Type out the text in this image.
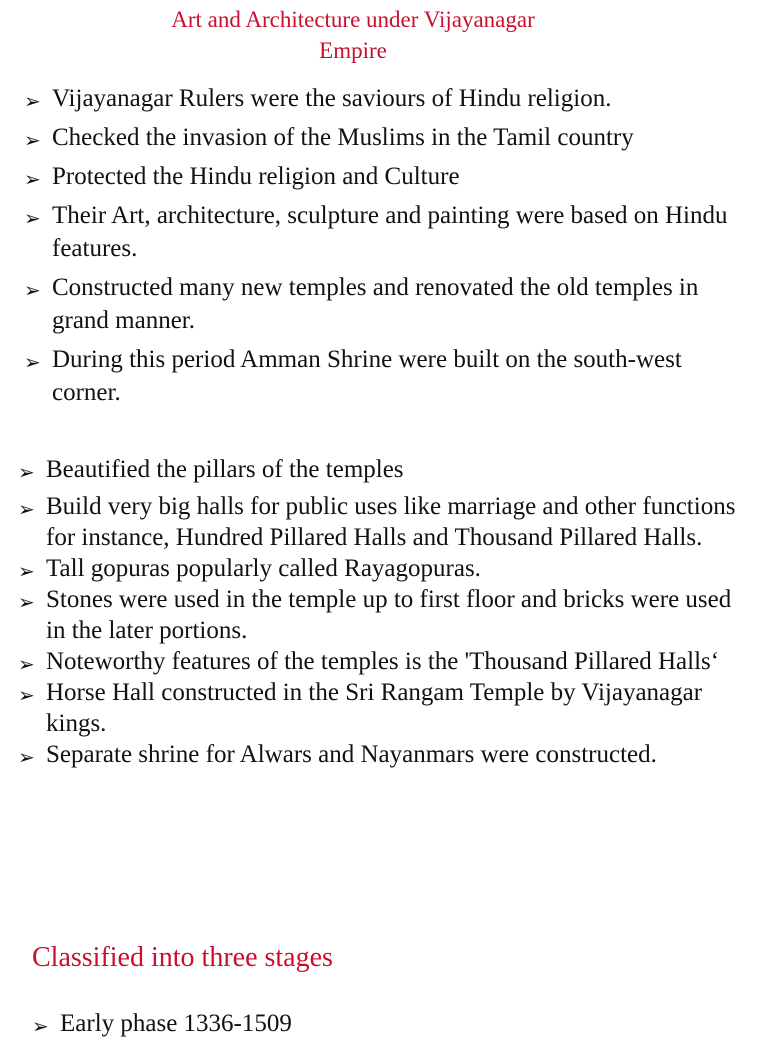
Art and Architecture under Vijayanagar
Empire
➢ Vijayanagar Rulers were the saviours of Hindu religion.
➢ Checked the invasion of the Muslims in the Tamil country
➢ Protected the Hindu religion and Culture
➢ Their Art, architecture, sculpture and painting were based on Hindu features.
➢ Constructed many new temples and renovated the old temples in grand manner.
➢ During this period Amman Shrine were built on the south-west corner.
➢ Beautified the pillars of the temples
➢ Build very big halls for public uses like marriage and other functions for instance, Hundred Pillared Halls and Thousand Pillared Halls.
➢ Tall gopuras popularly called Rayagopuras.
➢ Stones were used in the temple up to first floor and bricks were used in the later portions.
➢ Noteworthy features of the temples is the 'Thousand Pillared Halls‘
➢ Horse Hall constructed in the Sri Rangam Temple by Vijayanagar kings.
➢ Separate shrine for Alwars and Nayanmars were constructed.
Classified into three stages
➢ Early phase 1336-1509
